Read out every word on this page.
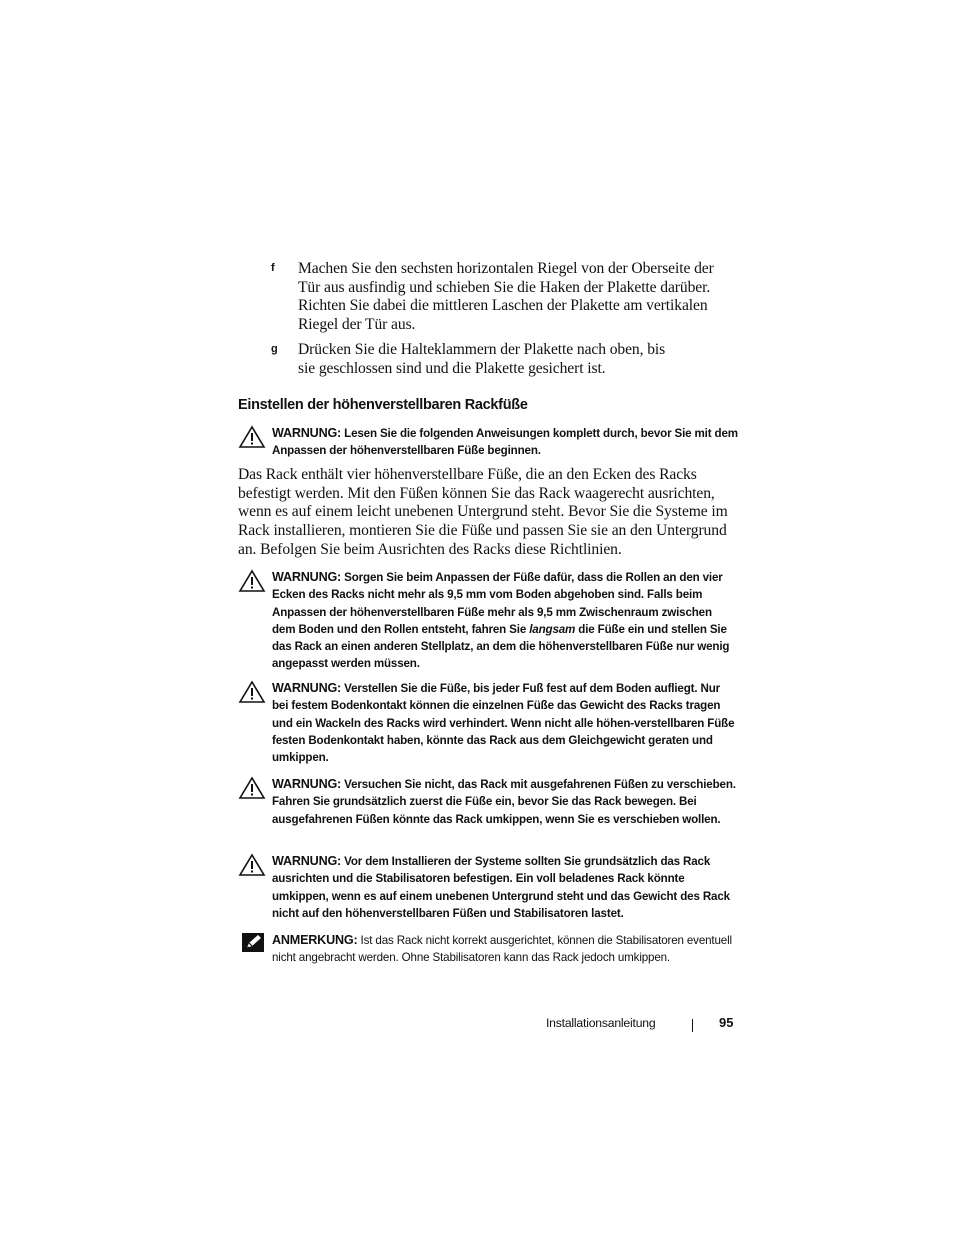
f Machen Sie den sechsten horizontalen Riegel von der Oberseite der Tür aus ausfindig und schieben Sie die Haken der Plakette darüber. Richten Sie dabei die mittleren Laschen der Plakette am vertikalen Riegel der Tür aus.
g Drücken Sie die Halteklammern der Plakette nach oben, bis sie geschlossen sind und die Plakette gesichert ist.
Einstellen der höhenverstellbaren Rackfüße
WARNUNG: Lesen Sie die folgenden Anweisungen komplett durch, bevor Sie mit dem Anpassen der höhenverstellbaren Füße beginnen.
Das Rack enthält vier höhenverstellbare Füße, die an den Ecken des Racks befestigt werden. Mit den Füßen können Sie das Rack waagerecht ausrichten, wenn es auf einem leicht unebenen Untergrund steht. Bevor Sie die Systeme im Rack installieren, montieren Sie die Füße und passen Sie sie an den Untergrund an. Befolgen Sie beim Ausrichten des Racks diese Richtlinien.
WARNUNG: Sorgen Sie beim Anpassen der Füße dafür, dass die Rollen an den vier Ecken des Racks nicht mehr als 9,5 mm vom Boden abgehoben sind. Falls beim Anpassen der höhenverstellbaren Füße mehr als 9,5 mm Zwischenraum zwischen dem Boden und den Rollen entsteht, fahren Sie langsam die Füße ein und stellen Sie das Rack an einen anderen Stellplatz, an dem die höhenverstellbaren Füße nur wenig angepasst werden müssen.
WARNUNG: Verstellen Sie die Füße, bis jeder Fuß fest auf dem Boden aufliegt. Nur bei festem Bodenkontakt können die einzelnen Füße das Gewicht des Racks tragen und ein Wackeln des Racks wird verhindert. Wenn nicht alle höhen-verstellbaren Füße festen Bodenkontakt haben, könnte das Rack aus dem Gleichgewicht geraten und umkippen.
WARNUNG: Versuchen Sie nicht, das Rack mit ausgefahrenen Füßen zu verschieben. Fahren Sie grundsätzlich zuerst die Füße ein, bevor Sie das Rack bewegen. Bei ausgefahrenen Füßen könnte das Rack umkippen, wenn Sie es verschieben wollen.
WARNUNG: Vor dem Installieren der Systeme sollten Sie grundsätzlich das Rack ausrichten und die Stabilisatoren befestigen. Ein voll beladenes Rack könnte umkippen, wenn es auf einem unebenen Untergrund steht und das Gewicht des Rack nicht auf den höhenverstellbaren Füßen und Stabilisatoren lastet.
ANMERKUNG: Ist das Rack nicht korrekt ausgerichtet, können die Stabilisatoren eventuell nicht angebracht werden. Ohne Stabilisatoren kann das Rack jedoch umkippen.
Installationsanleitung	95
